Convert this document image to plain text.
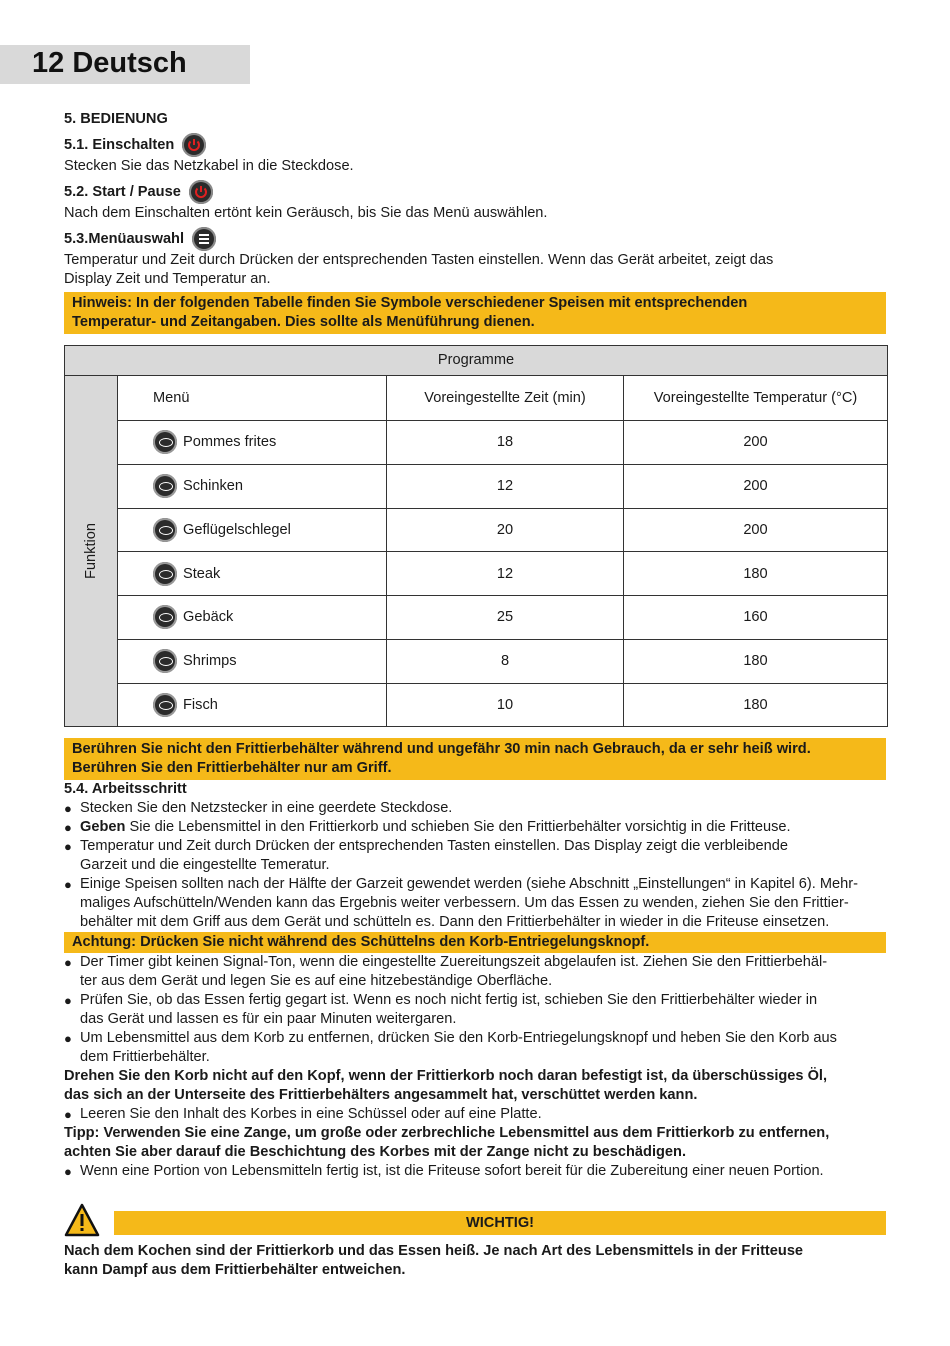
12 Deutsch

5. BEDIENUNG

5.1. Einschalten

Stecken Sie das Netzkabel in die Steckdose.

5.2. Start / Pause

Nach dem Einschalten ertönt kein Geräusch, bis Sie das Menü auswählen.

5.3.Menüauswahl

Temperatur und Zeit durch Drücken der entsprechenden Tasten einstellen. Wenn das Gerät arbeitet, zeigt das

Display Zeit und Temperatur an.

Hinweis: In der folgenden Tabelle finden Sie Symbole verschiedener Speisen mit entsprechenden
Temperatur- und Zeitangaben. Dies sollte als Menüführung dienen.
Programme
Funktion
Menü	Voreingestellte Zeit (min)	Voreingestellte Temperatur (°C)
Pommes frites	18	200
Schinken	12	200
Geflügelschlegel	20	200
Steak	12	180
Gebäck	25	160
Shrimps	8	180
Fisch	10	180
Berühren Sie nicht den Frittierbehälter während und ungefähr 30 min nach Gebrauch, da er sehr heiß wird.
Berühren Sie den Frittierbehälter nur am Griff.

5.4. Arbeitsschritt

● Stecken Sie den Netzstecker in eine geerdete Steckdose.
● Geben Sie die Lebensmittel in den Frittierkorb und schieben Sie den Frittierbehälter vorsichtig in die Fritteuse.
● Temperatur und Zeit durch Drücken der entsprechenden Tasten einstellen. Das Display zeigt die verbleibende
Garzeit und die eingestellte Temeratur.
● Einige Speisen sollten nach der Hälfte der Garzeit gewendet werden (siehe Abschnitt „Einstellungen“ in Kapitel 6). Mehr-
maliges Aufschütteln/Wenden kann das Ergebnis weiter verbessern. Um das Essen zu wenden, ziehen Sie den Frittier-
behälter mit dem Griff aus dem Gerät und schütteln es. Dann den Frittierbehälter in wieder in die Friteuse einsetzen.
Achtung: Drücken Sie nicht während des Schüttelns den Korb-Entriegelungsknopf.
● Der Timer gibt keinen Signal-Ton, wenn die eingestellte Zuereitungszeit abgelaufen ist. Ziehen Sie den Frittierbehäl-
ter aus dem Gerät und legen Sie es auf eine hitzebeständige Oberfläche.
● Prüfen Sie, ob das Essen fertig gegart ist. Wenn es noch nicht fertig ist, schieben Sie den Frittierbehälter wieder in
das Gerät und lassen es für ein paar Minuten weitergaren.
● Um Lebensmittel aus dem Korb zu entfernen, drücken Sie den Korb-Entriegelungsknopf und heben Sie den Korb aus
dem Frittierbehälter.

Drehen Sie den Korb nicht auf den Kopf, wenn der Frittierkorb noch daran befestigt ist, da überschüssiges Öl,
das sich an der Unterseite des Frittierbehälters angesammelt hat, verschüttet werden kann.

● Leeren Sie den Inhalt des Korbes in eine Schüssel oder auf eine Platte.

Tipp: Verwenden Sie eine Zange, um große oder zerbrechliche Lebensmittel aus dem Frittierkorb zu entfernen,
achten Sie aber darauf die Beschichtung des Korbes mit der Zange nicht zu beschädigen.

● Wenn eine Portion von Lebensmitteln fertig ist, ist die Friteuse sofort bereit für die Zubereitung einer neuen Portion.
WICHTIG!
Nach dem Kochen sind der Frittierkorb und das Essen heiß. Je nach Art des Lebensmittels in der Fritteuse
kann Dampf aus dem Frittierbehälter entweichen.
